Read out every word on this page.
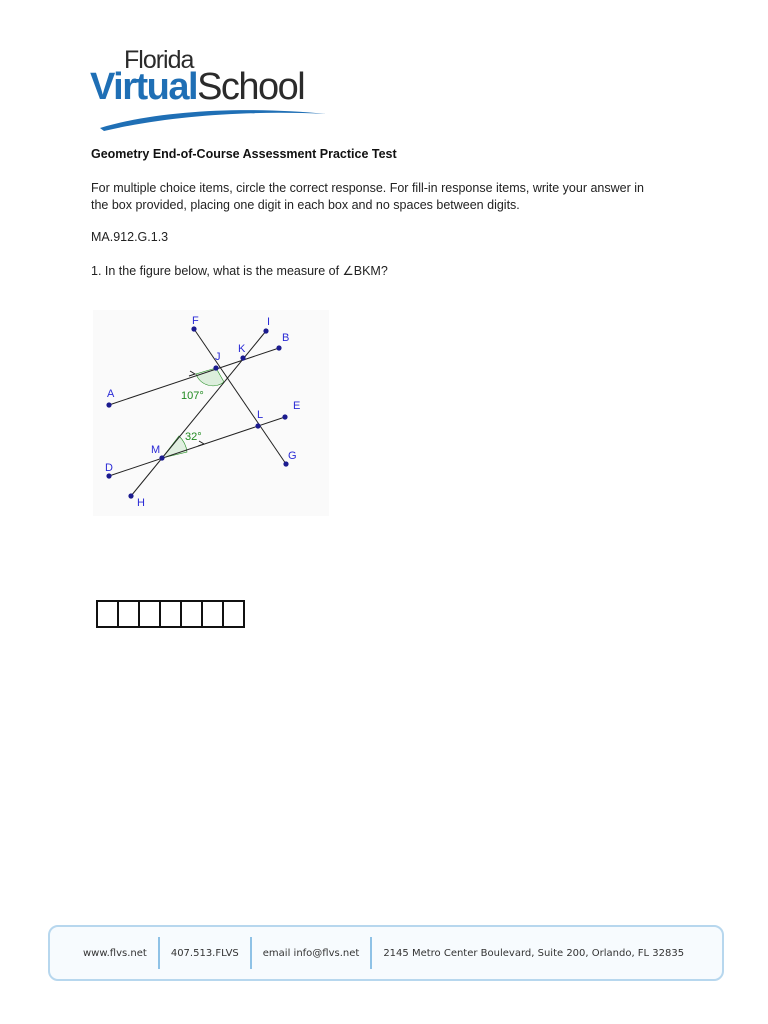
Florida
VirtualSchool
Geometry End-of-Course Assessment Practice Test
For multiple choice items, circle the correct response. For fill-in response items, write your answer in the box provided, placing one digit in each box and no spaces between digits.
MA.912.G.1.3
1. In the figure below, what is the measure of ∠BKM?
F	I
B
J
K
A
L
E
M
D
G
H
107°
32°
www.flvs.net	407.513.FLVS	email info@flvs.net	2145 Metro Center Boulevard, Suite 200, Orlando, FL 32835
